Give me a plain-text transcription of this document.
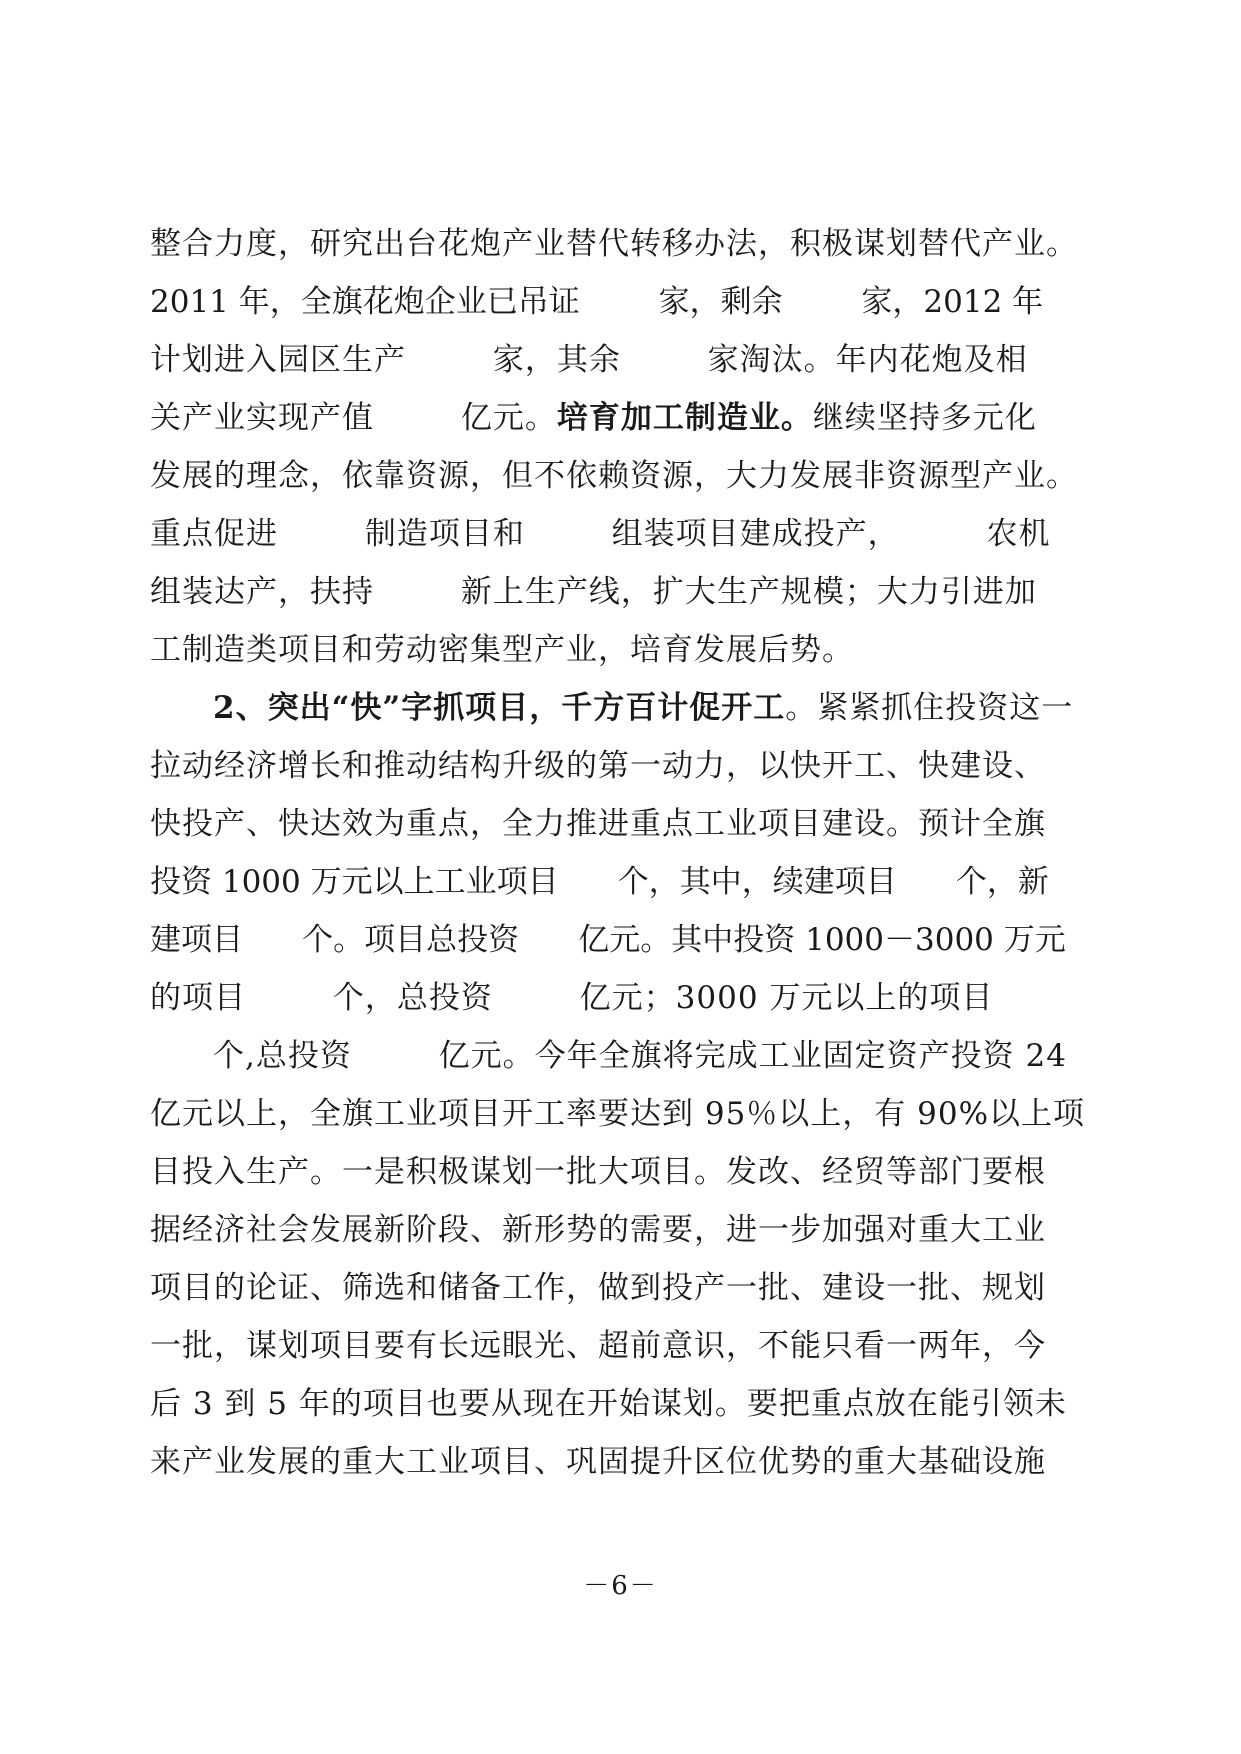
整合力度，研究出台花炮产业替代转移办法，积极谋划替代产业。
2011 年，全旗花炮企业已吊证        家，剩余        家，2012 年
计划进入园区生产        家，其余        家淘汰。年内花炮及相
关产业实现产值        亿元。培育加工制造业。继续坚持多元化
发展的理念，依靠资源，但不依赖资源，大力发展非资源型产业。
重点促进        制造项目和        组装项目建成投产，        农机
组装达产，扶持        新上生产线，扩大生产规模；大力引进加
工制造类项目和劳动密集型产业，培育发展后势。
2、突出“快”字抓项目，千方百计促开工。紧紧抓住投资这一
拉动经济增长和推动结构升级的第一动力，以快开工、快建设、
快投产、快达效为重点，全力推进重点工业项目建设。预计全旗
投资 1000 万元以上工业项目      个，其中，续建项目      个，新
建项目      个。项目总投资      亿元。其中投资 1000－3000 万元
的项目        个，总投资        亿元；3000 万元以上的项目
个,总投资        亿元。今年全旗将完成工业固定资产投资 24
亿元以上，全旗工业项目开工率要达到 95％以上，有 90%以上项
目投入生产。一是积极谋划一批大项目。发改、经贸等部门要根
据经济社会发展新阶段、新形势的需要，进一步加强对重大工业
项目的论证、筛选和储备工作，做到投产一批、建设一批、规划
一批，谋划项目要有长远眼光、超前意识，不能只看一两年，今
后 3 到 5 年的项目也要从现在开始谋划。要把重点放在能引领未
来产业发展的重大工业项目、巩固提升区位优势的重大基础设施
－6－
